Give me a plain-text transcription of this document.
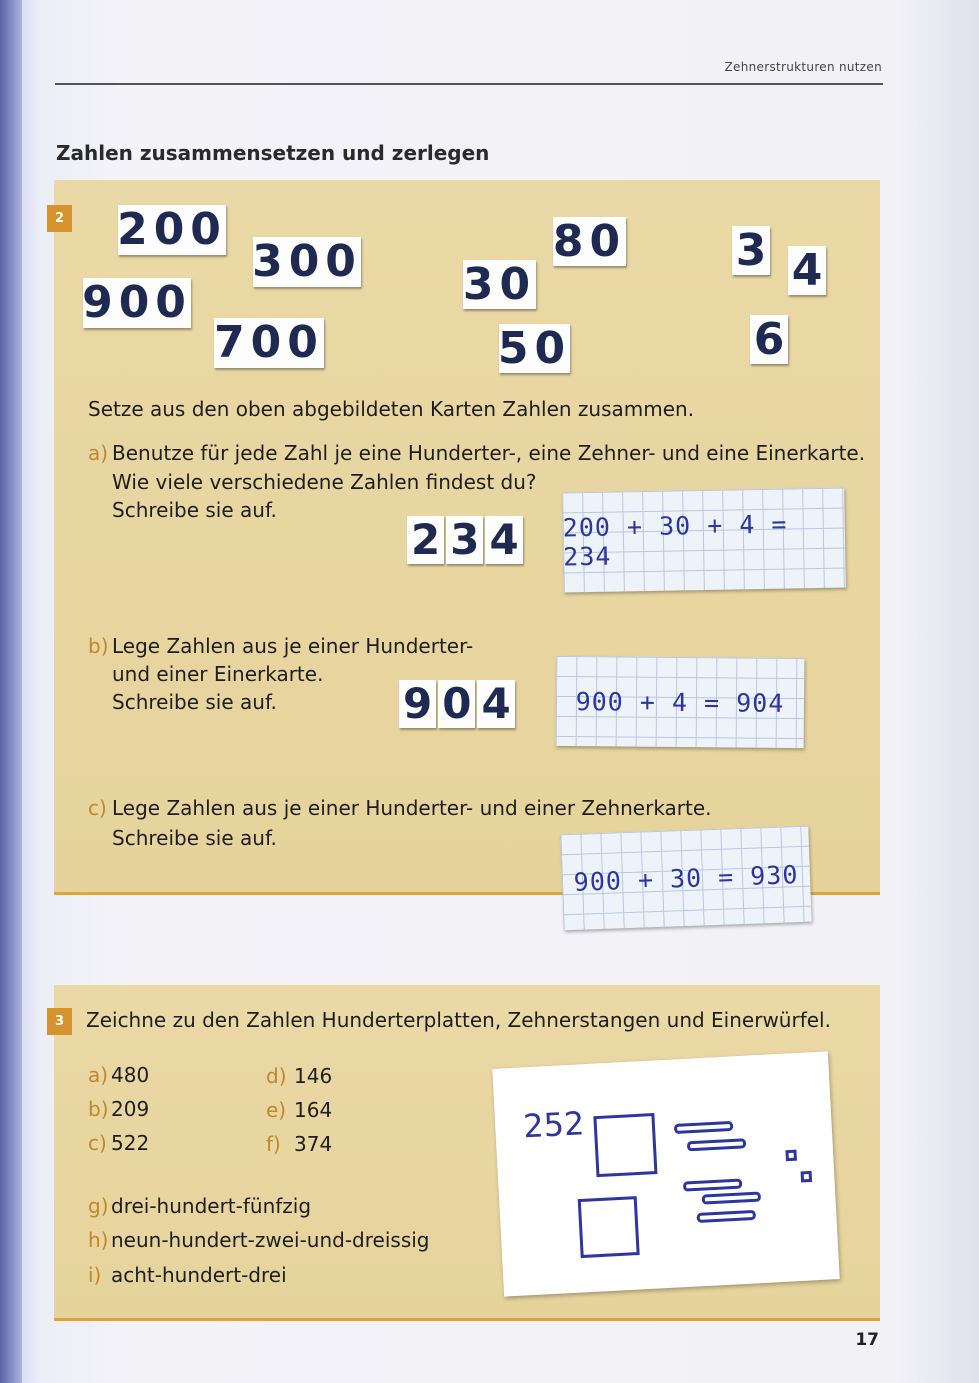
Zehnerstrukturen nutzen
Zahlen zusammensetzen und zerlegen
2 200
300
900
700
80
30
50
3 4
6
Setze aus den oben abgebildeten Karten Zahlen zusammen.
a) Benutze für jede Zahl je eine Hunderter-, eine Zehner- und eine Einerkarte.
Wie viele verschiedene Zahlen findest du?
Schreibe sie auf.
2 3 4 200 + 30 + 4 = 234
b) Lege Zahlen aus je einer Hunderter-
und einer Einerkarte.
Schreibe sie auf.	9 0 4	900 + 4 = 904
c) Lege Zahlen aus je einer Hunderter- und einer Zehnerkarte.
Schreibe sie auf.
900 + 30 = 930
3	Zeichne zu den Zahlen Hunderterplatten, Zehnerstangen und Einerwürfel.
a) 480
b) 209
c) 522
d) 146
e) 164
f) 374
g) drei-hundert-fünfzig
h) neun-hundert-zwei-und-dreissig
i) acht-hundert-drei
252
17
